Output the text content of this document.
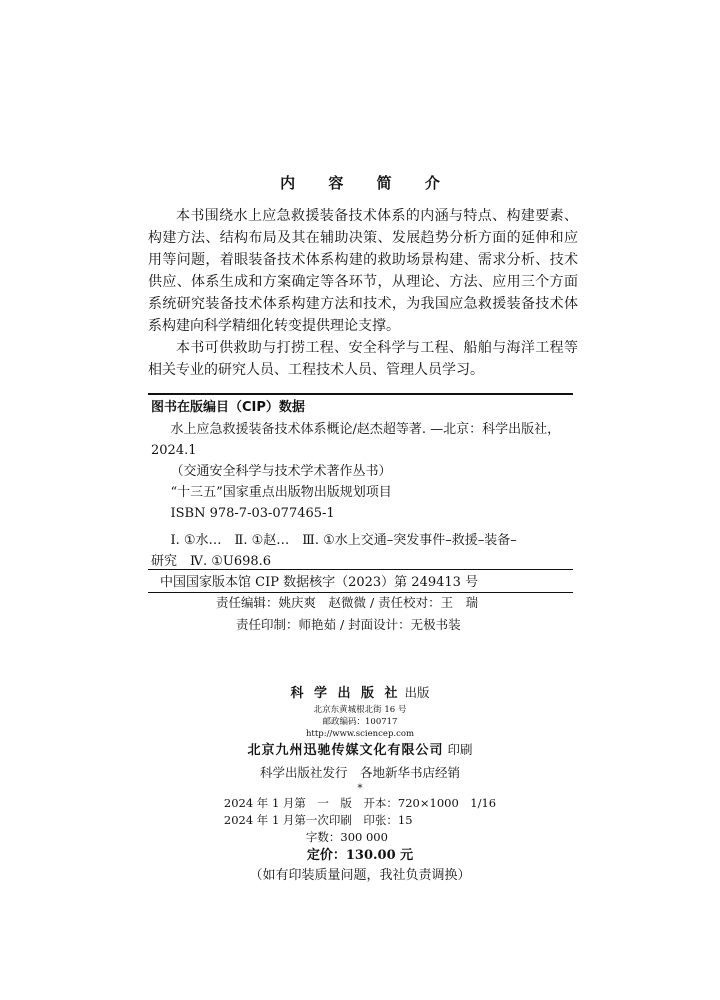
内 容 简 介

本书围绕水上应急救援装备技术体系的内涵与特点、构建要素、构建方法、结构布局及其在辅助决策、发展趋势分析方面的延伸和应用等问题，着眼装备技术体系构建的救助场景构建、需求分析、技术供应、体系生成和方案确定等各环节，从理论、方法、应用三个方面系统研究装备技术体系构建方法和技术，为我国应急救援装备技术体系构建向科学精细化转变提供理论支撑。

本书可供救助与打捞工程、安全科学与工程、船舶与海洋工程等相关专业的研究人员、工程技术人员、管理人员学习。

图书在版编目（CIP）数据
水上应急救援装备技术体系概论/赵杰超等著. —北京：科学出版社，
2024.1
（交通安全科学与技术学术著作丛书）
“十三五”国家重点出版物出版规划项目
ISBN 978-7-03-077465-1
Ⅰ. ①水…　Ⅱ. ①赵…　Ⅲ. ①水上交通–突发事件–救援–装备–
研究　Ⅳ. ①U698.6
中国国家版本馆 CIP 数据核字（2023）第 249413 号
责任编辑：姚庆爽　赵微微 / 责任校对：王　瑞
责任印制：师艳茹 / 封面设计：无极书装
科 学 出 版 社 出版
北京东黄城根北街 16 号
邮政编码：100717
http://www.sciencep.com
北京九州迅驰传媒文化有限公司 印刷
科学出版社发行　各地新华书店经销
*
2024 年 1 月第　一　版　开本：720×1000　1/16
2024 年 1 月第一次印刷　印张：15
字数：300 000
定价：130.00 元
（如有印装质量问题，我社负责调换）
